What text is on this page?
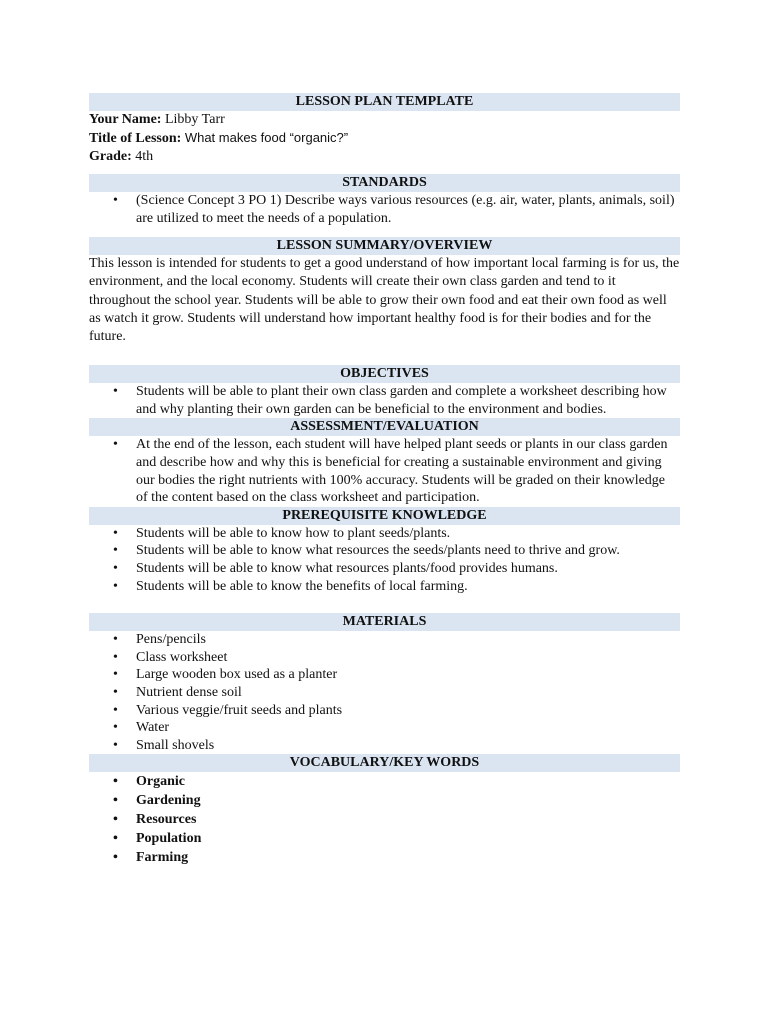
LESSON PLAN TEMPLATE
Your Name: Libby Tarr
Title of Lesson: What makes food “organic?”
Grade: 4th
STANDARDS
• (Science Concept 3 PO 1) Describe ways various resources (e.g. air, water, plants, animals, soil) are utilized to meet the needs of a population.
LESSON SUMMARY/OVERVIEW

This lesson is intended for students to get a good understand of how important local farming is for us, the environment, and the local economy. Students will create their own class garden and tend to it throughout the school year. Students will be able to grow their own food and eat their own food as well as watch it grow. Students will understand how important healthy food is for their bodies and for the future.

OBJECTIVES
• Students will be able to plant their own class garden and complete a worksheet describing how and why planting their own garden can be beneficial to the environment and bodies.
ASSESSMENT/EVALUATION
• At the end of the lesson, each student will have helped plant seeds or plants in our class garden and describe how and why this is beneficial for creating a sustainable environment and giving our bodies the right nutrients with 100% accuracy. Students will be graded on their knowledge of the content based on the class worksheet and participation.
PREREQUISITE KNOWLEDGE
• Students will be able to know how to plant seeds/plants.
• Students will be able to know what resources the seeds/plants need to thrive and grow.
• Students will be able to know what resources plants/food provides humans.
• Students will be able to know the benefits of local farming.
MATERIALS
• Pens/pencils
• Class worksheet
• Large wooden box used as a planter
• Nutrient dense soil
• Various veggie/fruit seeds and plants
• Water
• Small shovels
VOCABULARY/KEY WORDS
• Organic
• Gardening
• Resources
• Population
• Farming
